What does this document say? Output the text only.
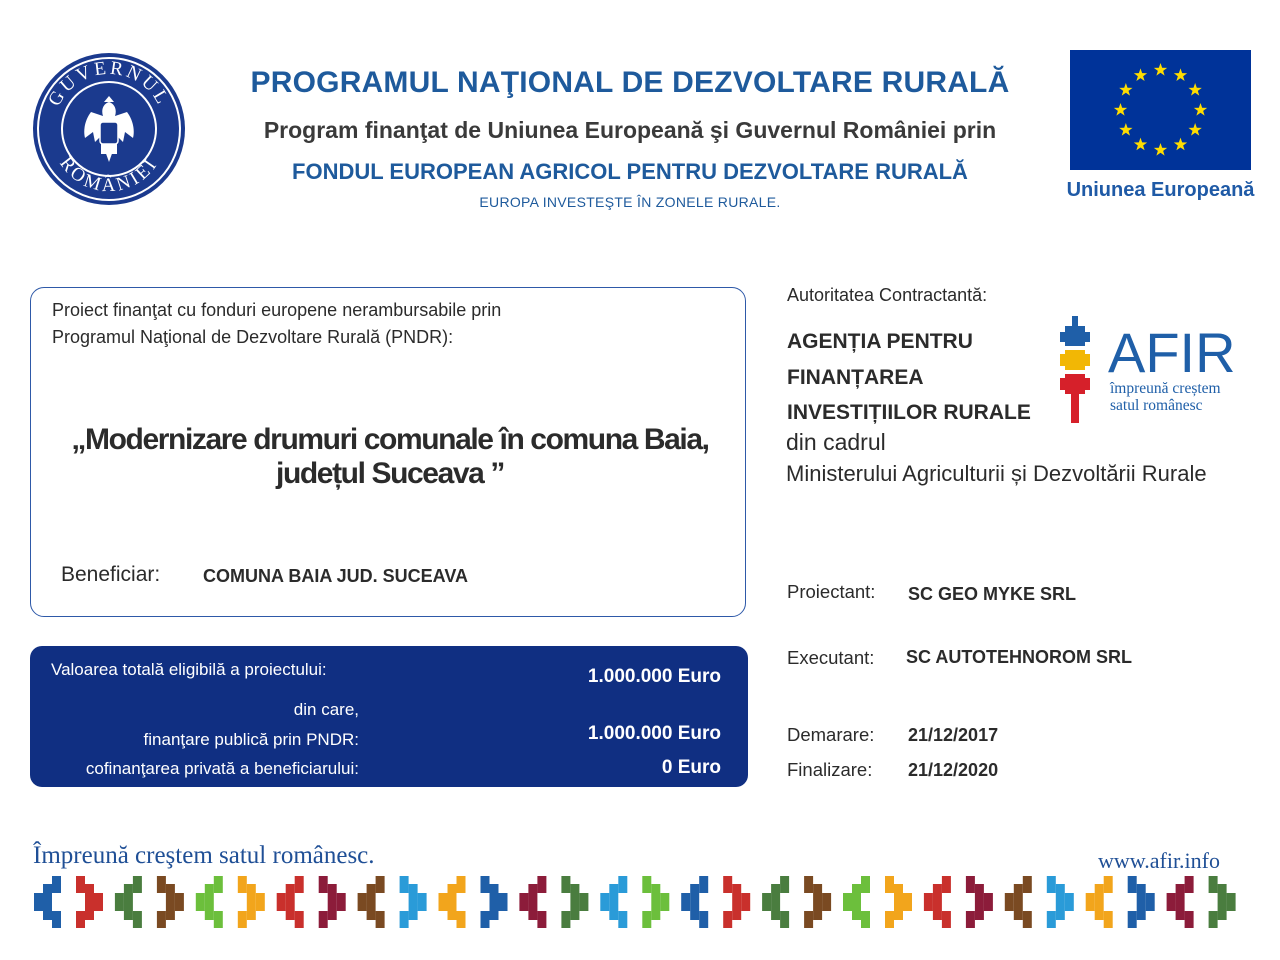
GUVERNUL
ROMÂNIEI
PROGRAMUL NAŢIONAL DE DEZVOLTARE RURALĂ
Program finanţat de Uniunea Europeană şi Guvernul României prin
FONDUL EUROPEAN AGRICOL PENTRU DEZVOLTARE RURALĂ
EUROPA INVESTEŞTE ÎN ZONELE RURALE.
Uniunea Europeană
Proiect finanţat cu fonduri europene nerambursabile prin
Programul Naţional de Dezvoltare Rurală (PNDR):
„Modernizare drumuri comunale în comuna Baia, județul Suceava ”
Beneficiar: COMUNA BAIA JUD. SUCEAVA
Valoarea totală eligibilă a proiectului:	1.000.000 Euro
din care,
finanţare publică prin PNDR:	1.000.000 Euro
cofinanţarea privată a beneficiarului:	0 Euro
Autoritatea Contractantă:
AGENȚIA PENTRU
FINANȚAREA
INVESTIȚIILOR RURALE
din cadrul
Ministerului Agriculturii și Dezvoltării Rurale
AFIR
împreună creștem
satul românesc
Proiectant: SC GEO MYKE SRL
Executant: SC AUTOTEHNOROM SRL
Demarare: 21/12/2017
Finalizare: 21/12/2020
Împreună creştem satul românesc.	www.afir.info
